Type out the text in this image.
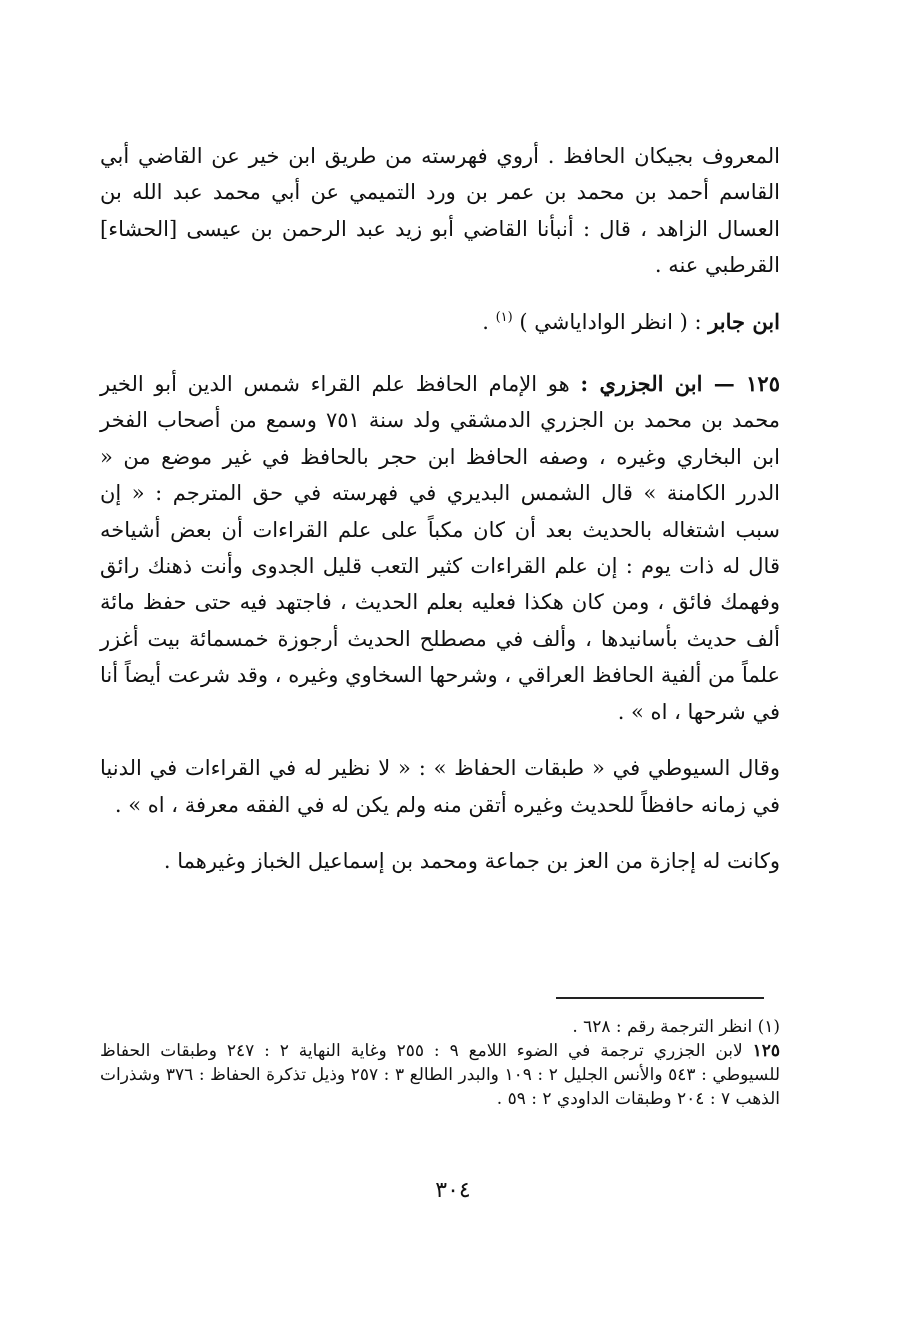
المعروف بجيكان الحافظ . أروي فهرسته من طريق ابن خير عن القاضي أبي القاسم أحمد بن محمد بن عمر بن ورد التميمي عن أبي محمد عبد الله بن العسال الزاهد ، قال : أنبأنا القاضي أبو زيد عبد الرحمن بن عيسى [الحشاء] القرطبي عنه .

ابن جابر : ( انظر الواداياشي ) $^{(١)}$ .

١٢٥ — ابن الجزري : هو الإمام الحافظ علم القراء شمس الدين أبو الخير محمد بن محمد بن الجزري الدمشقي ولد سنة ٧٥١ وسمع من أصحاب الفخر ابن البخاري وغيره ، وصفه الحافظ ابن حجر بالحافظ في غير موضع من « الدرر الكامنة » قال الشمس البديري في فهرسته في حق المترجم : « إن سبب اشتغاله بالحديث بعد أن كان مكباً على علم القراءات أن بعض أشياخه قال له ذات يوم : إن علم القراءات كثير التعب قليل الجدوى وأنت ذهنك رائق وفهمك فائق ، ومن كان هكذا فعليه بعلم الحديث ، فاجتهد فيه حتى حفظ مائة ألف حديث بأسانيدها ، وألف في مصطلح الحديث أرجوزة خمسمائة بيت أغزر علماً من ألفية الحافظ العراقي ، وشرحها السخاوي وغيره ، وقد شرعت أيضاً أنا في شرحها ، اه » .

وقال السيوطي في « طبقات الحفاظ » : « لا نظير له في القراءات في الدنيا في زمانه حافظاً للحديث وغيره أتقن منه ولم يكن له في الفقه معرفة ، اه » .

وكانت له إجازة من العز بن جماعة ومحمد بن إسماعيل الخباز وغيرهما .

(١) انظر الترجمة رقم : ٦٢٨ .

١٢٥ لابن الجزري ترجمة في الضوء اللامع ٩ : ٢٥٥ وغاية النهاية ٢ : ٢٤٧ وطبقات الحفاظ للسيوطي : ٥٤٣ والأنس الجليل ٢ : ١٠٩ والبدر الطالع ٣ : ٢٥٧ وذيل تذكرة الحفاظ : ٣٧٦ وشذرات الذهب ٧ : ٢٠٤ وطبقات الداودي ٢ : ٥٩ .

٣٠٤
